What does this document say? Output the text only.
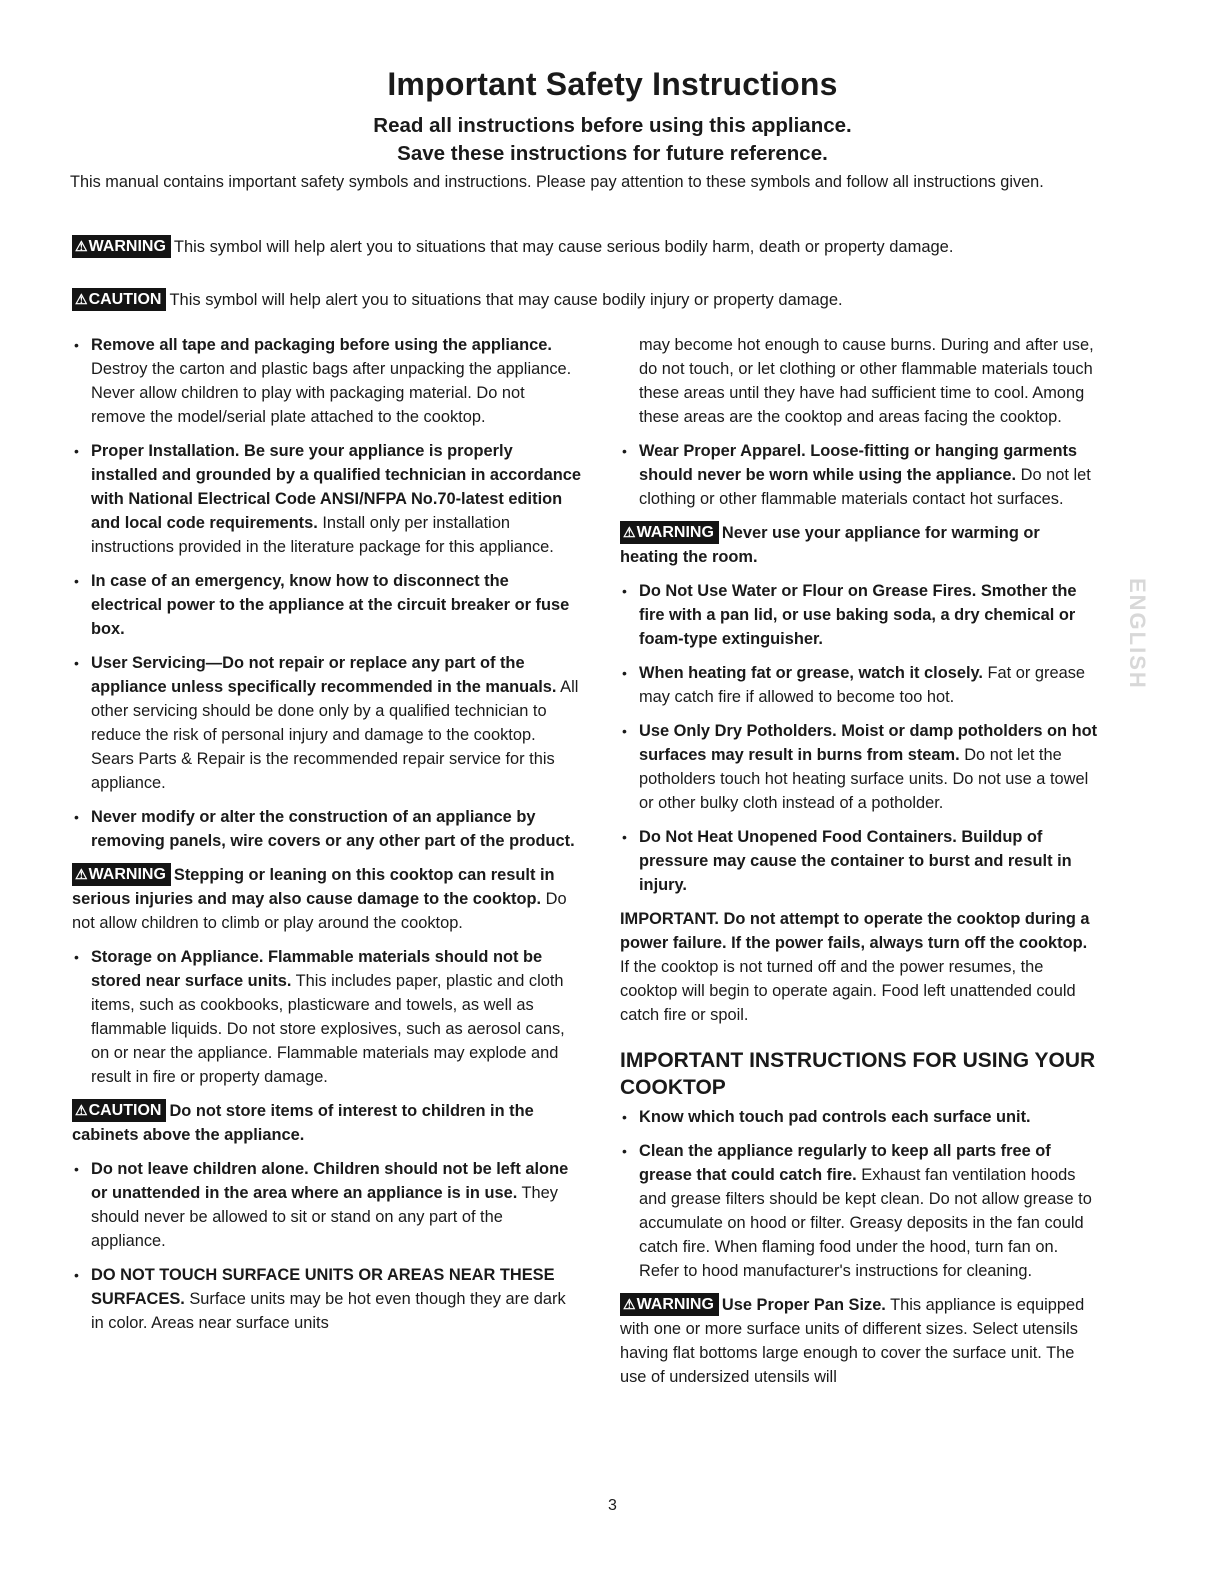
Important Safety Instructions

Read all instructions before using this appliance.

Save these instructions for future reference.

This manual contains important safety symbols and instructions. Please pay attention to these symbols and follow all instructions given.

⚠WARNING This symbol will help alert you to situations that may cause serious bodily harm, death or property damage.

⚠CAUTION This symbol will help alert you to situations that may cause bodily injury or property damage.

• Remove all tape and packaging before using the appliance. Destroy the carton and plastic bags after unpacking the appliance. Never allow children to play with packaging material. Do not remove the model/serial plate attached to the cooktop.

• Proper Installation. Be sure your appliance is properly installed and grounded by a qualified technician in accordance with National Electrical Code ANSI/NFPA No.70-latest edition and local code requirements. Install only per installation instructions provided in the literature package for this appliance.

• In case of an emergency, know how to disconnect the electrical power to the appliance at the circuit breaker or fuse box.

• User Servicing—Do not repair or replace any part of the appliance unless specifically recommended in the manuals. All other servicing should be done only by a qualified technician to reduce the risk of personal injury and damage to the cooktop. Sears Parts & Repair is the recommended repair service for this appliance.

• Never modify or alter the construction of an appliance by removing panels, wire covers or any other part of the product.

⚠WARNING Stepping or leaning on this cooktop can result in serious injuries and may also cause damage to the cooktop. Do not allow children to climb or play around the cooktop.

• Storage on Appliance. Flammable materials should not be stored near surface units. This includes paper, plastic and cloth items, such as cookbooks, plasticware and towels, as well as flammable liquids. Do not store explosives, such as aerosol cans, on or near the appliance. Flammable materials may explode and result in fire or property damage.

⚠CAUTION Do not store items of interest to children in the cabinets above the appliance.

• Do not leave children alone. Children should not be left alone or unattended in the area where an appliance is in use. They should never be allowed to sit or stand on any part of the appliance.

• DO NOT TOUCH SURFACE UNITS OR AREAS NEAR THESE SURFACES. Surface units may be hot even though they are dark in color. Areas near surface units

may become hot enough to cause burns. During and after use, do not touch, or let clothing or other flammable materials touch these areas until they have had sufficient time to cool. Among these areas are the cooktop and areas facing the cooktop.

• Wear Proper Apparel. Loose-fitting or hanging garments should never be worn while using the appliance. Do not let clothing or other flammable materials contact hot surfaces.

⚠WARNING Never use your appliance for warming or heating the room.

• Do Not Use Water or Flour on Grease Fires. Smother the fire with a pan lid, or use baking soda, a dry chemical or foam-type extinguisher.

• When heating fat or grease, watch it closely. Fat or grease may catch fire if allowed to become too hot.

• Use Only Dry Potholders. Moist or damp potholders on hot surfaces may result in burns from steam. Do not let the potholders touch hot heating surface units. Do not use a towel or other bulky cloth instead of a potholder.

• Do Not Heat Unopened Food Containers. Buildup of pressure may cause the container to burst and result in injury.

IMPORTANT. Do not attempt to operate the cooktop during a power failure. If the power fails, always turn off the cooktop. If the cooktop is not turned off and the power resumes, the cooktop will begin to operate again. Food left unattended could catch fire or spoil.

IMPORTANT INSTRUCTIONS FOR USING YOUR COOKTOP

• Know which touch pad controls each surface unit.

• Clean the appliance regularly to keep all parts free of grease that could catch fire. Exhaust fan ventilation hoods and grease filters should be kept clean. Do not allow grease to accumulate on hood or filter. Greasy deposits in the fan could catch fire. When flaming food under the hood, turn fan on. Refer to hood manufacturer's instructions for cleaning.

⚠WARNING Use Proper Pan Size. This appliance is equipped with one or more surface units of different sizes. Select utensils having flat bottoms large enough to cover the surface unit. The use of undersized utensils will

ENGLISH

3
